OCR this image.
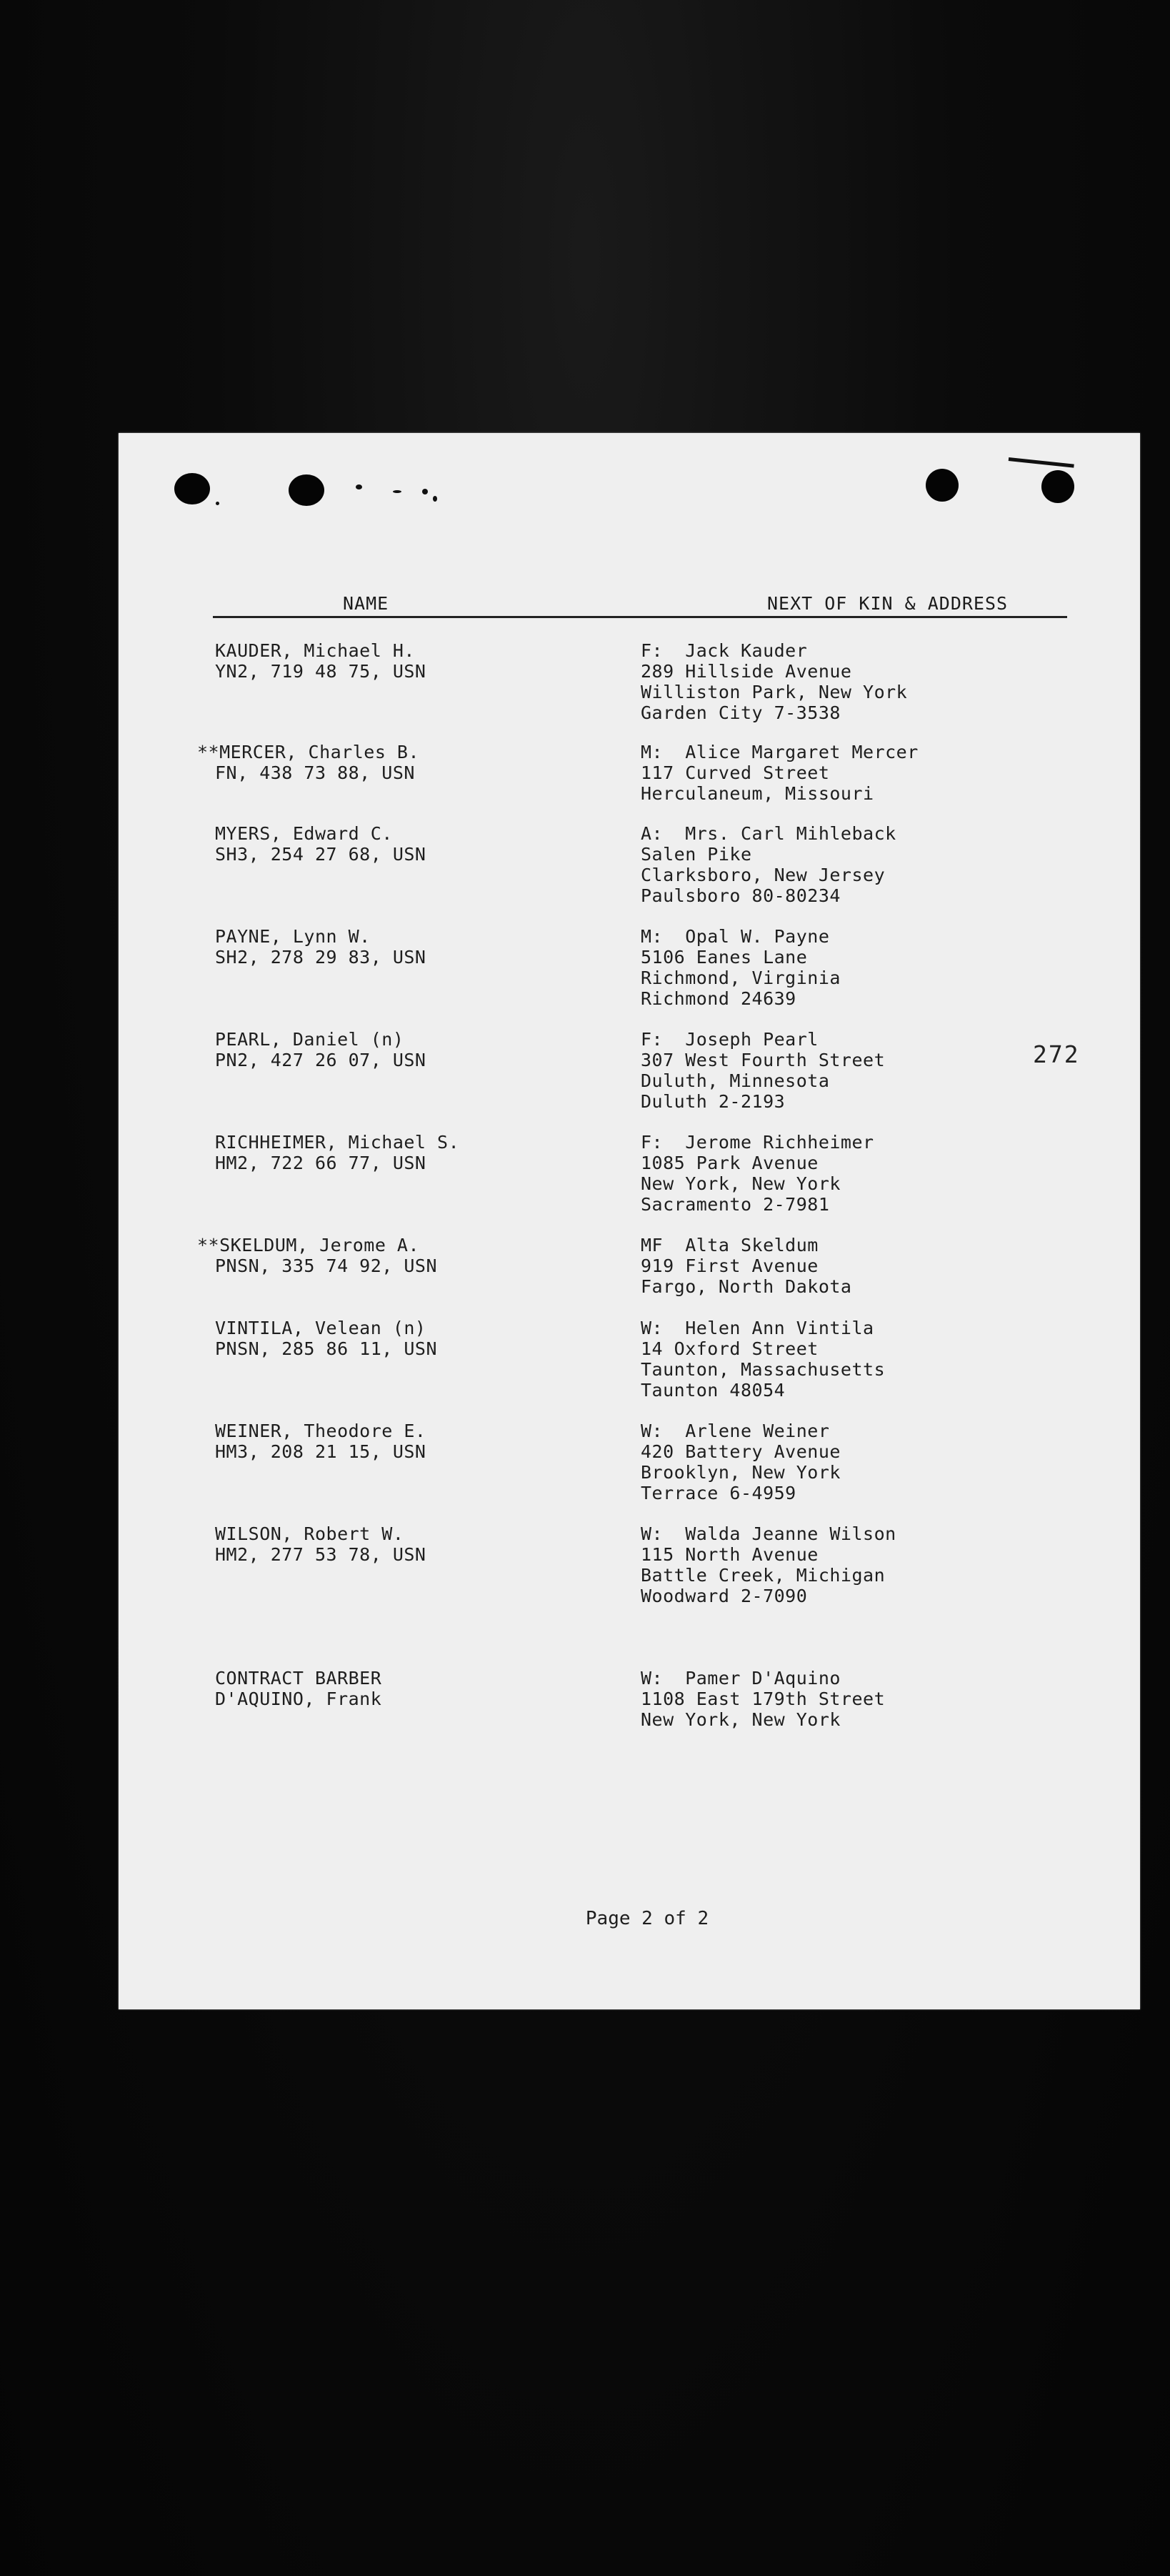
NAME	NEXT OF KIN & ADDRESS
KAUDER, Michael H.
YN2, 719 48 75, USN
F:  Jack Kauder
289 Hillside Avenue
Williston Park, New York
Garden City 7-3538
**MERCER, Charles B.
FN, 438 73 88, USN
M:  Alice Margaret Mercer
117 Curved Street
Herculaneum, Missouri
MYERS, Edward C.
SH3, 254 27 68, USN
A:  Mrs. Carl Mihleback
Salen Pike
Clarksboro, New Jersey
Paulsboro 80-80234
PAYNE, Lynn W.
SH2, 278 29 83, USN
M:  Opal W. Payne
5106 Eanes Lane
Richmond, Virginia
Richmond 24639
PEARL, Daniel (n)
PN2, 427 26 07, USN
F:  Joseph Pearl
307 West Fourth Street
Duluth, Minnesota
Duluth 2-2193
RICHHEIMER, Michael S.
HM2, 722 66 77, USN
F:  Jerome Richheimer
1085 Park Avenue
New York, New York
Sacramento 2-7981
**SKELDUM, Jerome A.
PNSN, 335 74 92, USN
MF  Alta Skeldum
919 First Avenue
Fargo, North Dakota
VINTILA, Velean (n)
PNSN, 285 86 11, USN
W:  Helen Ann Vintila
14 Oxford Street
Taunton, Massachusetts
Taunton 48054
WEINER, Theodore E.
HM3, 208 21 15, USN
W:  Arlene Weiner
420 Battery Avenue
Brooklyn, New York
Terrace 6-4959
WILSON, Robert W.
HM2, 277 53 78, USN
W:  Walda Jeanne Wilson
115 North Avenue
Battle Creek, Michigan
Woodward 2-7090
CONTRACT BARBER
D'AQUINO, Frank
W:  Pamer D'Aquino
1108 East 179th Street
New York, New York
272
Page 2 of 2
